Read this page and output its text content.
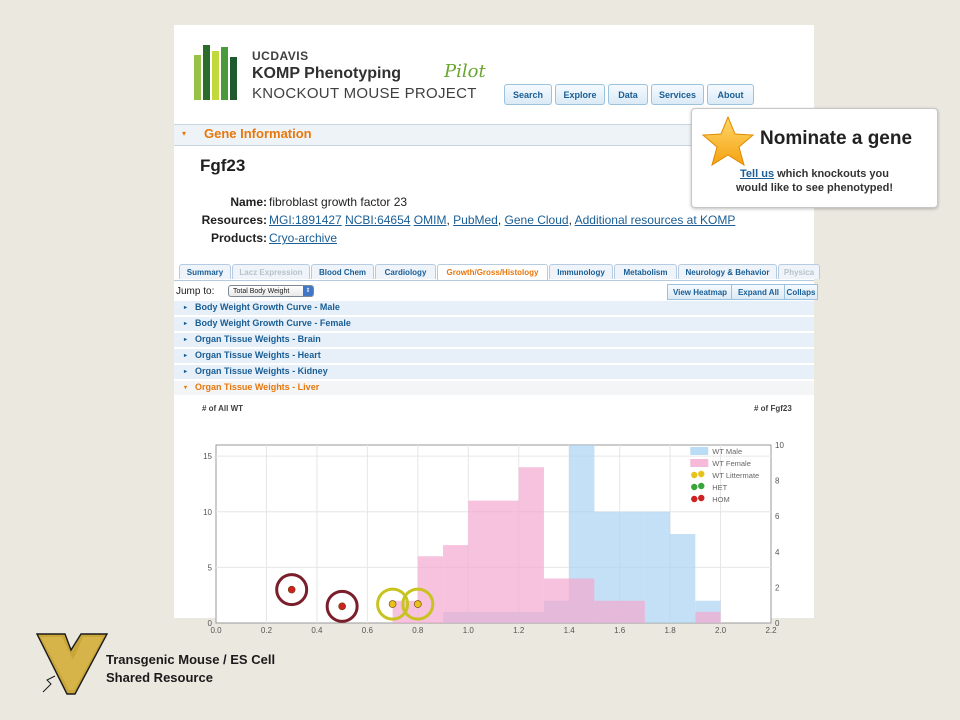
UCDAVIS
KOMP Phenotyping Pilot
KNOCKOUT MOUSE PROJECT	Search	Explore	Data	Services	About
▾ Gene Information
Fgf23
Name: fibroblast growth factor 23
Resources: MGI:1891427 NCBI:64654 OMIM, PubMed, Gene Cloud, Additional resources at KOMP
Products: Cryo-archive
Summary	Lacz Expression	Blood Chem	Cardiology	Growth/Gross/Histology	Immunology	Metabolism	Neurology & Behavior	Physica
Jump to:	Total Body Weight	⇕	View Heatmap	Expand All Collaps
▸ Body Weight Growth Curve - Male
▸ Body Weight Growth Curve - Female
▸ Organ Tissue Weights - Brain
▸ Organ Tissue Weights - Heart
▸ Organ Tissue Weights - Kidney
▾ Organ Tissue Weights - Liver
# of All WT	# of Fgf23
0.0	0.2	0.4	0.6	0.8	1.0	1.2	1.4	1.6	1.8	2.0	2.2
0
5
10
15
0
2
4
6
8
10
WT Male
WT Female
WT Littermate
HET
HOM
Nominate a gene
Tell us which knockouts you
would like to see phenotyped!
Transgenic Mouse / ES Cell
Shared Resource
